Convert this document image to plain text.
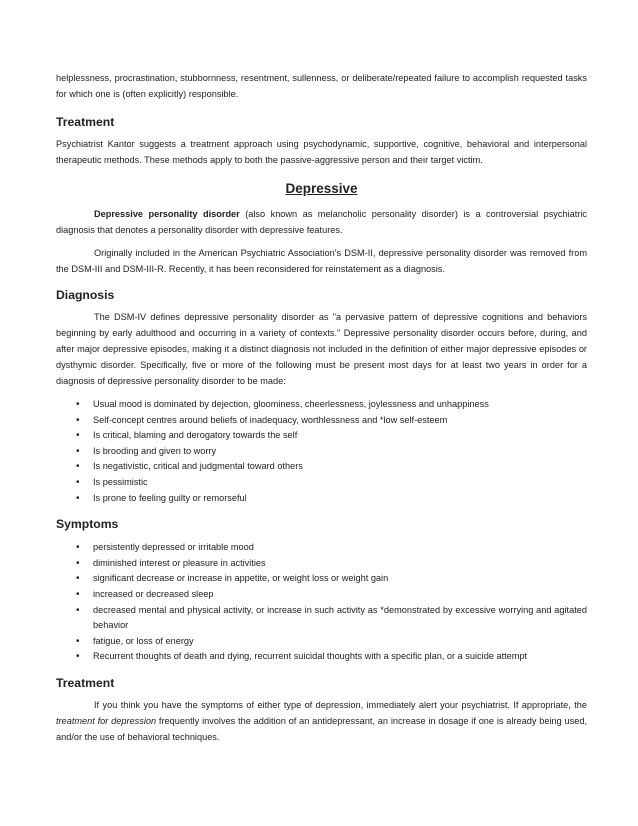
helplessness, procrastination, stubbornness, resentment, sullenness, or deliberate/repeated failure to accomplish requested tasks for which one is (often explicitly) responsible.

Treatment

Psychiatrist Kantor suggests a treatment approach using psychodynamic, supportive, cognitive, behavioral and interpersonal therapeutic methods. These methods apply to both the passive-aggressive person and their target victim.

Depressive

Depressive personality disorder (also known as melancholic personality disorder) is a controversial psychiatric diagnosis that denotes a personality disorder with depressive features.

Originally included in the American Psychiatric Association's DSM-II, depressive personality disorder was removed from the DSM-III and DSM-III-R. Recently, it has been reconsidered for reinstatement as a diagnosis.

Diagnosis

The DSM-IV defines depressive personality disorder as "a pervasive pattern of depressive cognitions and behaviors beginning by early adulthood and occurring in a variety of contexts." Depressive personality disorder occurs before, during, and after major depressive episodes, making it a distinct diagnosis not included in the definition of either major depressive episodes or dysthymic disorder. Specifically, five or more of the following must be present most days for at least two years in order for a diagnosis of depressive personality disorder to be made:

• Usual mood is dominated by dejection, gloominess, cheerlessness, joylessness and unhappiness
• Self-concept centres around beliefs of inadequacy, worthlessness and *low self-esteem
• Is critical, blaming and derogatory towards the self
• Is brooding and given to worry
• Is negativistic, critical and judgmental toward others
• Is pessimistic
• Is prone to feeling guilty or remorseful
Symptoms
• persistently depressed or irritable mood
• diminished interest or pleasure in activities
• significant decrease or increase in appetite, or weight loss or weight gain
• increased or decreased sleep
• decreased mental and physical activity, or increase in such activity as *demonstrated by excessive worrying and agitated behavior
• fatigue, or loss of energy
• Recurrent thoughts of death and dying, recurrent suicidal thoughts with a specific plan, or a suicide attempt
Treatment

If you think you have the symptoms of either type of depression, immediately alert your psychiatrist. If appropriate, the treatment for depression frequently involves the addition of an antidepressant, an increase in dosage if one is already being used, and/or the use of behavioral techniques.
